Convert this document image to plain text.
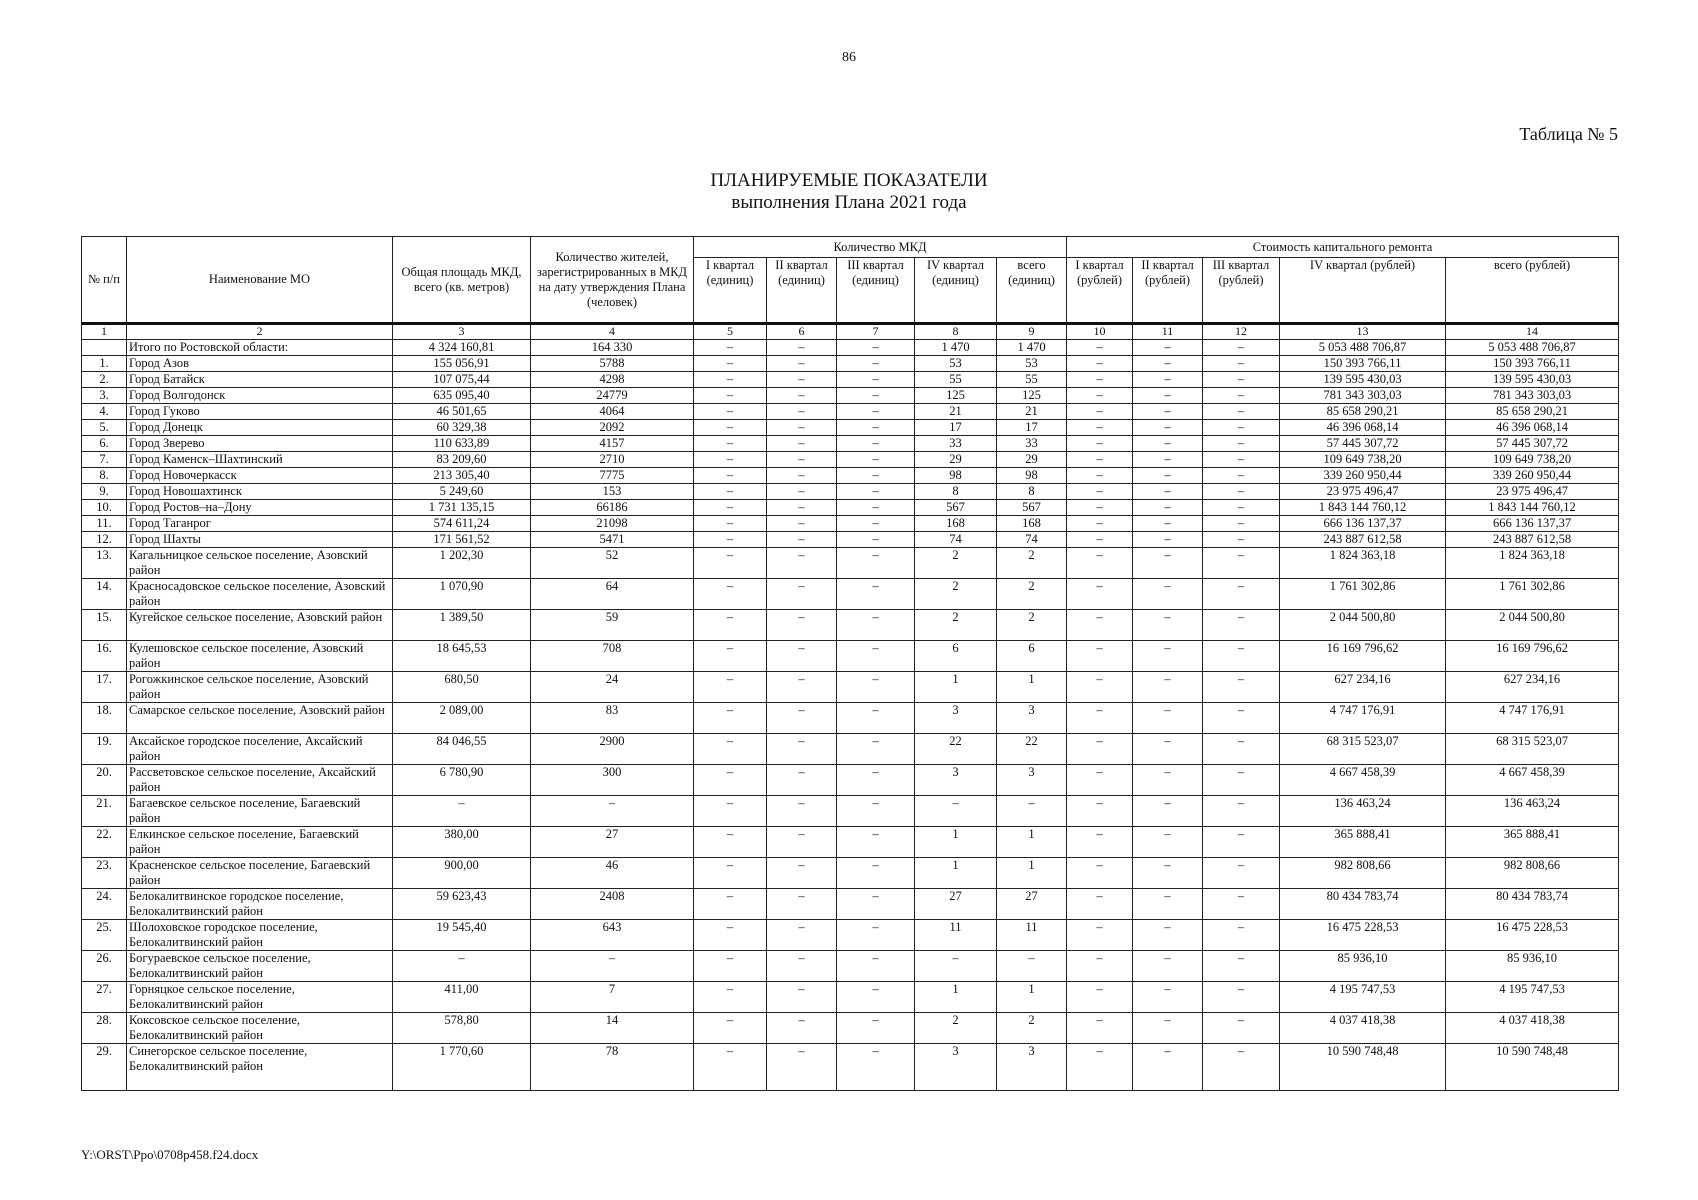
86
Таблица № 5
ПЛАНИРУЕМЫЕ ПОКАЗАТЕЛИ
выполнения Плана 2021 года
№ п/п	Наименование МО	Общая площадь МКД, всего (кв. метров)	Количество жителей, зарегистрированных в МКД на дату утверждения Плана (человек)	Количество МКД					Стоимость капитального ремонта				
				I квартал (единиц)	II квартал (единиц)	III квартал (единиц)	IV квартал (единиц)	всего (единиц)	I квартал (рублей)	II квартал (рублей)	III квартал (рублей)	IV квартал (рублей)	всего (рублей)
1	2	3	4	5	6	7	8	9	10	11	12	13	14
	Итого по Ростовской области:	4 324 160,81	164 330	–	–	–	1 470	1 470	–	–	–	5 053 488 706,87	5 053 488 706,87
1.	Город Азов	155 056,91	5788	–	–	–	53	53	–	–	–	150 393 766,11	150 393 766,11
2.	Город Батайск	107 075,44	4298	–	–	–	55	55	–	–	–	139 595 430,03	139 595 430,03
3.	Город Волгодонск	635 095,40	24779	–	–	–	125	125	–	–	–	781 343 303,03	781 343 303,03
4.	Город Гуково	46 501,65	4064	–	–	–	21	21	–	–	–	85 658 290,21	85 658 290,21
5.	Город Донецк	60 329,38	2092	–	–	–	17	17	–	–	–	46 396 068,14	46 396 068,14
6.	Город Зверево	110 633,89	4157	–	–	–	33	33	–	–	–	57 445 307,72	57 445 307,72
7.	Город Каменск–Шахтинский	83 209,60	2710	–	–	–	29	29	–	–	–	109 649 738,20	109 649 738,20
8.	Город Новочеркасск	213 305,40	7775	–	–	–	98	98	–	–	–	339 260 950,44	339 260 950,44
9.	Город Новошахтинск	5 249,60	153	–	–	–	8	8	–	–	–	23 975 496,47	23 975 496,47
10.	Город Ростов–на–Дону	1 731 135,15	66186	–	–	–	567	567	–	–	–	1 843 144 760,12	1 843 144 760,12
11.	Город Таганрог	574 611,24	21098	–	–	–	168	168	–	–	–	666 136 137,37	666 136 137,37
12.	Город Шахты	171 561,52	5471	–	–	–	74	74	–	–	–	243 887 612,58	243 887 612,58
13.	Кагальницкое сельское поселение, Азовский район	1 202,30	52	–	–	–	2	2	–	–	–	1 824 363,18	1 824 363,18
14.	Красносадовское сельское поселение, Азовский район	1 070,90	64	–	–	–	2	2	–	–	–	1 761 302,86	1 761 302,86
15.	Кугейское сельское поселение, Азовский район	1 389,50	59	–	–	–	2	2	–	–	–	2 044 500,80	2 044 500,80
16.	Кулешовское сельское поселение, Азовский район	18 645,53	708	–	–	–	6	6	–	–	–	16 169 796,62	16 169 796,62
17.	Рогожкинское сельское поселение, Азовский район	680,50	24	–	–	–	1	1	–	–	–	627 234,16	627 234,16
18.	Самарское сельское поселение, Азовский район	2 089,00	83	–	–	–	3	3	–	–	–	4 747 176,91	4 747 176,91
19.	Аксайское городское поселение, Аксайский район	84 046,55	2900	–	–	–	22	22	–	–	–	68 315 523,07	68 315 523,07
20.	Рассветовское сельское поселение, Аксайский район	6 780,90	300	–	–	–	3	3	–	–	–	4 667 458,39	4 667 458,39
21.	Багаевское сельское поселение, Багаевский район	–	–	–	–	–	–	–	–	–	–	136 463,24	136 463,24
22.	Елкинское сельское поселение, Багаевский район	380,00	27	–	–	–	1	1	–	–	–	365 888,41	365 888,41
23.	Красненское сельское поселение, Багаевский район	900,00	46	–	–	–	1	1	–	–	–	982 808,66	982 808,66
24.	Белокалитвинское городское поселение, Белокалитвинский район	59 623,43	2408	–	–	–	27	27	–	–	–	80 434 783,74	80 434 783,74
25.	Шолоховское городское поселение, Белокалитвинский район	19 545,40	643	–	–	–	11	11	–	–	–	16 475 228,53	16 475 228,53
26.	Богураевское сельское поселение, Белокалитвинский район	–	–	–	–	–	–	–	–	–	–	85 936,10	85 936,10
27.	Горняцкое сельское поселение, Белокалитвинский район	411,00	7	–	–	–	1	1	–	–	–	4 195 747,53	4 195 747,53
28.	Коксовское сельское поселение, Белокалитвинский район	578,80	14	–	–	–	2	2	–	–	–	4 037 418,38	4 037 418,38
29.	Синегорское сельское поселение, Белокалитвинский район	1 770,60	78	–	–	–	3	3	–	–	–	10 590 748,48	10 590 748,48
Y:\ORST\Ppo\0708p458.f24.docx
